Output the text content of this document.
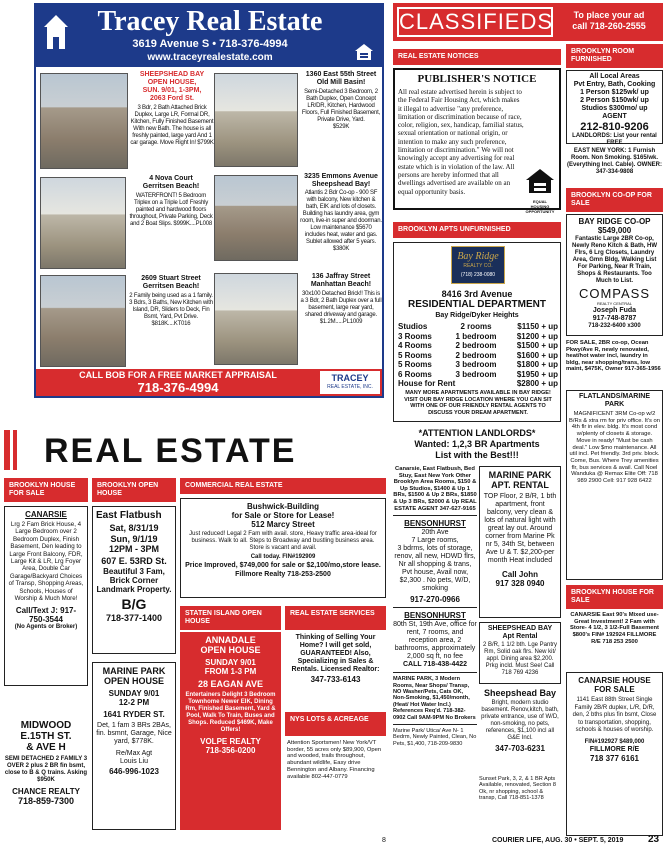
Tracey Real Estate
3619 Avenue S • 718-376-4994
www.traceyrealestate.com
SHEEPSHEAD BAY
OPEN HOUSE,
SUN. 9/01, 1-3PM,
2063 Ford St.
3 Bdr, 2 Bath Attached Brick Duplex, Large LR, Formal DR, Kitchen, Fully Finished Basement With new Bath. The house is all freshly painted, large yard And 1 car garage. Move Right In! $799K
1360 East 55th Street
Old Mill Basin!
Semi-Detached 3 Bedroom, 2 Bath Duplex, Open Concept LR/DR, Kitchen, Hardwood Floors, Full Finished Basement, Private Drive, Yard.
$529K
4 Nova Court
Gerritsen Beach!
WATERFRONT! 5 Bedroom Triplex on a Triple Lot! Freshly painted and hardwood floors throughout, Private Parking, Deck and 2 Boat Slips. $999K....PL008
3235 Emmons Avenue
Sheepshead Bay!
Atlantis 2 Bdr Co-op - 900 SF with balcony, New kitchen & bath, EIK and lots of closets. Building has laundry area, gym room, live-in super and doorman. Low maintenance $5670 includes heat, water and gas. Sublet allowed after 5 years.
$380K
2609 Stuart Street
Gerritsen Beach!
2 Family being used as a 1 family. 3 Bdrs, 3 Baths, New Kitchen with Island, DR, Sliders to Deck, Fin Bsmt, Yard, Pvt Drive.
$818K....KT016
136 Jaffray Street
Manhattan Beach!
30x100 Detached Brick!! This is a 3 Bdr, 2 Bath Duplex over a full basement, large rear yard, shared driveway and garage.
$1.2M.....PL1009
CALL BOB FOR A FREE MARKET APPRAISAL
718-376-4994
TRACEY
REAL ESTATE, INC.
CLASSIFIEDS	To place your ad
call 718-260-2555
REAL ESTATE NOTICES
PUBLISHER'S NOTICE
All real estate advertised herein is subject to the Federal Fair Housing Act, which makes it illegal to advertise "any preference, limitation or discrimination because of race, color, religion, sex, handicap, familial status, sexual orientation or national origin, or intention to make any such preference, limitation or discrimination." We will not knowingly accept any advertising for real estate which is in violation of the law. All persons are hereby informed that all dwellings advertised are available on an equal opportunity basis.
EQUAL HOUSING OPPORTUNITY
BROOKLYN APTS UNFURNISHED
Bay Ridge
REALTY CO.
(718) 238-0080
8416 3rd Avenue
RESIDENTIAL DEPARTMENT
Bay Ridge/Dyker Heights
Studios	2 rooms	$1150 + up
3 Rooms	1 bedroom	$1200 + up
4 Rooms	2 bedroom	$1500 + up
5 Rooms	2 bedroom	$1600 + up
5 Rooms	3 bedroom	$1800 + up
6 Rooms	3 bedroom	$1950 + up
House for Rent	$2800 + up
MANY MORE APARTMENTS AVAILABLE IN BAY RIDGE! VISIT OUR BAY RIDGE LOCATION WHERE YOU CAN SIT WITH ONE OF OUR FRIENDLY RENTAL AGENTS TO DISCUSS YOUR DREAM APARTMENT.
*ATTENTION LANDLORDS*
Wanted: 1,2,3 BR Apartments
List with the Best!!!
Canarsie, East Flatbush, Bed Stuy, East New York Other Brooklyn Area Rooms, $150 & Up Studios, $1400 & Up 1 BRs, $1500 & Up 2 BRs, $1850 & Up 3 BRs, $2000 & Up REAL ESTATE AGENT 347-627-9165
BENSONHURST
20th Ave
7 Large rooms,
3 bdrms, lots of storage, renov, all new, HDWD flrs, Nr all shopping & trans, Pvt house, Avail now, $2,300 . No pets, W/D, smoking
917-270-0966
BENSONHURST
80th St, 19th Ave, office for rent, 7 rooms, and reception area, 2 bathrooms, approximately 2,000 sq ft, no fee
CALL 718-438-4422
MARINE PARK, 3 Modern Rooms, Near Shops/ Transp, NO Washer/Pets, Cats OK, Non-Smoking, $1,450/month, (Heat/ Hot Water Incl.) References Req'd. 718-382-0902 Call 9AM-9PM No Brokers
Marine Park/ Utica/ Ave N- 1 Bedrm, Newly Painted, Clean, No Pets, $1,400, 718-209-9830
MARINE PARK APT. RENTAL
TOP Floor, 2 B/R, 1 bth apartment, front balcony, very clean & lots of natural light with great lay out. Around corner from Marine Pk nr 5, 34th St, between Ave U & T. $2,200-per month Heat included
Call John
917 328 0940
SHEEPSHEAD BAY Apt Rental
2 B/R, 1 1/2 bth. Lge Pantry Rm, Solid oak flrs. New kit/ appl. Dining area $2,200. Prkg incld. Must See! Call 718 769 4236
Sheepshead Bay
Bright, modern studio basement. Renov,kitch, bath, private entrance, use of W/D, non-smoking, no pets, references, $1,100 incl all G&E Incl.
347-703-6231
Sunset Park, 3, 2, & 1 BR Apts Available, renovated, Section 8 Ok, nr shopping, school & transp, Call 718-851-1378
BROOKLYN ROOM FURNISHED
All Local Areas
Pvt Entry, Bath, Cooking
1 Person $125wk/ up
2 Person $150wk/ up
Studios $300mo/ up
AGENT
212-810-9206
LANDLORDS: List your rental FREE
EAST NEW YORK: 1 Furnish Room. Non Smoking. $165/wk. (Everything Incl. Cable). OWNER: 347-334-9808
BROOKLYN CO-OP FOR SALE
BAY RIDGE CO-OP $549,000
Fantastic Large 2BR Co-op, Newly Reno Kitch & Bath, HW Flrs, 6 Lrg Closets, Laundry Area, Gmn Bldg, Walking List For Parking, Near R Train, Shops & Restaurants. Too Much to List.
COMPASS
REALTY CENTRAL
Joseph Fuda
917-748-8787
718-232-6400 x300
FOR SALE, 2BR co-op, Ocean Pkwy/Ave R, newly renovated, heat/hot water incl, laundry in bldg, near shopping/trans, low maint, $475K, Owner 917-365-1956
FLATLANDS/MARINE PARK
MAGNIFICENT 3RM Co-op w/2 B/Rs & xtra rm for priv office. It's on 4th flr in elev. bldg. It's most cond w/plenty of closets & storage. Move in ready! "Must be cash deal." Low $mo maintenance. All util incl. Pet friendly. 3rd priv. block. Come, Bus. Where Trey amenities flr, bus services & avail. Call Noel Wanduka @ Remax Elite Off: 718 989 2900 Cell: 917 928 6422
BROOKLYN HOUSE FOR SALE
CANARSIE East 90's Mixed use- Great Investment! 2 Fam with Store- 4 1/2, 3 1/2-Full Basement $800's FIN# 192924 FILLMORE R/E 718 253 2500
CANARSIE HOUSE FOR SALE
1141 East 88th Street Single Family 2B/R duplex, L/R, D/R, den, 2 bths plus fin bsmt, Close to transportation, shopping, schools & houses of worship.
FIN#192927 $489,000
FILLMORE R/E
718 377 6161
REAL ESTATE
BROOKLYN HOUSE FOR SALE
CANARSIE
Lrg 2 Fam Brick House, 4 Large Bedroom over 2 Bedroom Duplex, Finish Basement, Den leading to Large Front Balcony, FDR, Large Kit & LR, Lrg Foyer Area, Double Car Garage/Backyard Choices of Transp, Shopping Areas, Schools, Houses of Worship & Much More!
Call/Text J: 917-750-3544
(No Agents or Broker)
MIDWOOD
E.15TH ST.
& AVE H
SEMI DETACHED 2 FAMILY 3 OVER 2 plus 2 BR fin bsmt, close to B & Q trains. Asking $950K
CHANCE REALTY
718-859-7300
BROOKLYN OPEN HOUSE
East Flatbush
Sat, 8/31/19
Sun, 9/1/19
12PM - 3PM
607 E. 53RD St.
Beautiful 3 Fam, Brick Corner Landmark Property.
B/G
718-377-1400
MARINE PARK
OPEN HOUSE
SUNDAY 9/01
12-2 PM
1641 RYDER ST.
Det, 1 fam 3 BRs 2BAs, fin. bsmnt, Garage, Nice yard, $778K.
Re/Max Agt
Louis Liu
646-996-1023
COMMERCIAL REAL ESTATE
Bushwick-Building
for Sale or Store for Lease!
512 Marcy Street
Just reduced! Legal 2 Fam with avail. store, Heavy traffic area-ideal for business. Walk to all. Steps to Broadway and bustling business area. Store is vacant and avail.
Call today. FIN#192909
Price Improved, $749,000 for sale or $2,100/mo,store lease.
Fillmore Realty 718-253-2500
STATEN ISLAND OPEN HOUSE
ANNADALE
OPEN HOUSE
SUNDAY 9/01
FROM 1-3 PM
28 EAGAN AVE
Entertainers Delight 3 Bedroom Townhome Newer EIK, Dining Rm, Finished Basement, Yard & Pool, Walk To Train, Buses and Shops. Reduced $469K, Make Offers!
VOLPE REALTY
718-356-0200
REAL ESTATE SERVICES
Thinking of Selling Your Home? I will get sold, GUARANTEED! Also, Specializing in Sales & Rentals. Licensed Realtor:
347-733-6143
NYS LOTS & ACREAGE
Attention Sportsmen! New York/VT border, 55 acres only $89,900, Open and wooded, trails throughout, abundant wildlife, Easy drive Bennington and Albany. Financing available 802-447-0779
8	COURIER LIFE, AUG. 30 • SEPT. 5, 2019	23
